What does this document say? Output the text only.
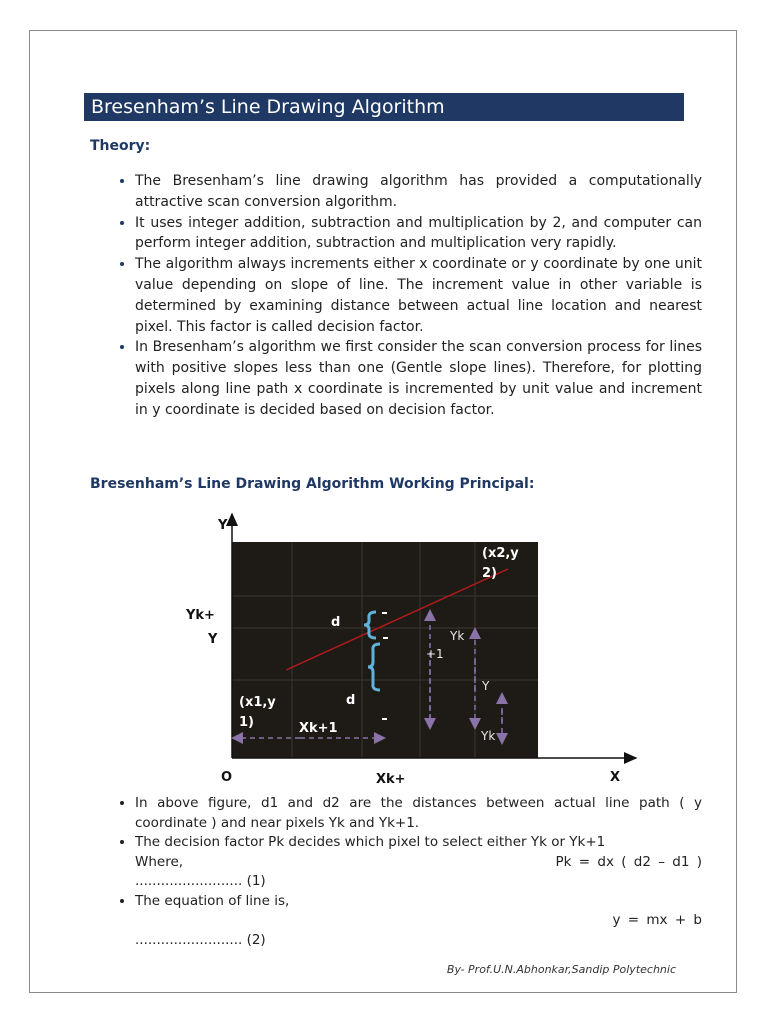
Bresenham’s Line Drawing Algorithm
Theory:
• The Bresenham’s line drawing algorithm has provided a computationally attractive scan conversion algorithm.
• It uses integer addition, subtraction and multiplication by 2, and computer can perform integer addition, subtraction and multiplication very rapidly.
• The algorithm always increments either x coordinate or y coordinate by one unit value depending on slope of line. The increment value in other variable is determined by examining distance between actual line location and nearest pixel. This factor is called decision factor.
• In Bresenham’s algorithm we first consider the scan conversion process for lines with positive slopes less than one (Gentle slope lines). Therefore, for plotting pixels along line path x coordinate is incremented by unit value and increment in y coordinate is decided based on decision factor.
Bresenham’s Line Drawing Algorithm Working Principal:
Y
Yk+
Y
O	Xk+	X
(x2,y
2)
d
d
(x1,y
1)	Xk+1
Yk
+1
Y
Yk
• In above figure, d1 and d2 are the distances between actual line path ( y coordinate ) and near pixels Yk and Yk+1.
• The decision factor Pk decides which pixel to select either Yk or Yk+1
Where,	Pk = dx ( d2 – d1 )
......................... (1)
• The equation of line is,
y = mx + b
......................... (2)
By- Prof.U.N.Abhonkar,Sandip Polytechnic
